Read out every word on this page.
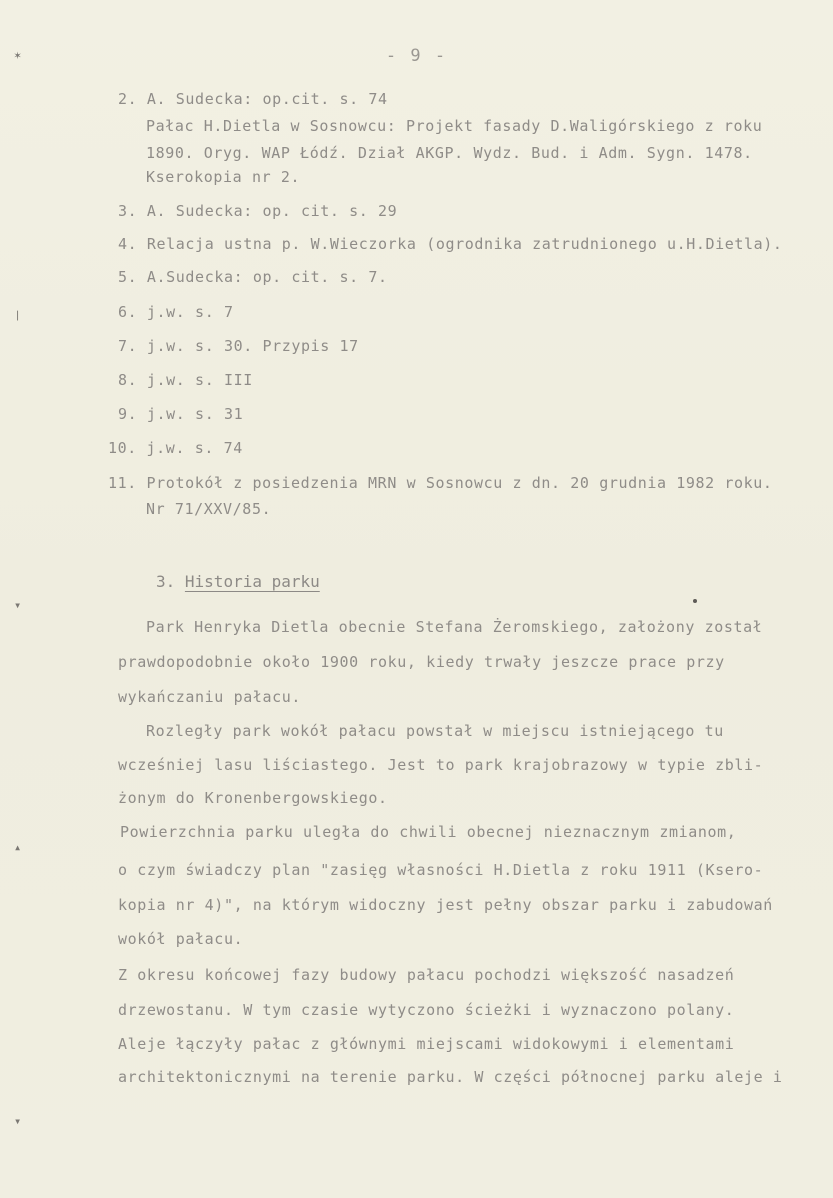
- 9 -
✶
❘
▾
▴
▾
2. A. Sudecka: op.cit. s. 74
Pałac H.Dietla w Sosnowcu: Projekt fasady D.Waligórskiego z roku
1890. Oryg. WAP Łódź. Dział AKGP. Wydz. Bud. i Adm. Sygn. 1478.
Kserokopia nr 2.
3. A. Sudecka: op. cit. s. 29
4. Relacja ustna p. W.Wieczorka (ogrodnika zatrudnionego u.H.Dietla).
5. A.Sudecka: op. cit. s. 7.
6. j.w. s. 7
7. j.w. s. 30. Przypis 17
8. j.w. s. III
9. j.w. s. 31
10. j.w. s. 74
11. Protokół z posiedzenia MRN w Sosnowcu z dn. 20 grudnia 1982 roku.
Nr 71/XXV/85.
3. Historia parku
Park Henryka Dietla obecnie Stefana Żeromskiego, założony został
prawdopodobnie około 1900 roku, kiedy trwały jeszcze prace przy
wykańczaniu pałacu.
Rozległy park wokół pałacu powstał w miejscu istniejącego tu
wcześniej lasu liściastego. Jest to park krajobrazowy w typie zbli-
żonym do Kronenbergowskiego.
Powierzchnia parku uległa do chwili obecnej nieznacznym zmianom,
o czym świadczy plan "zasięg własności H.Dietla z roku 1911 (Ksero-
kopia nr 4)", na którym widoczny jest pełny obszar parku i zabudowań
wokół pałacu.
Z okresu końcowej fazy budowy pałacu pochodzi większość nasadzeń
drzewostanu. W tym czasie wytyczono ścieżki i wyznaczono polany.
Aleje łączyły pałac z głównymi miejscami widokowymi i elementami
architektonicznymi na terenie parku. W części północnej parku aleje i
